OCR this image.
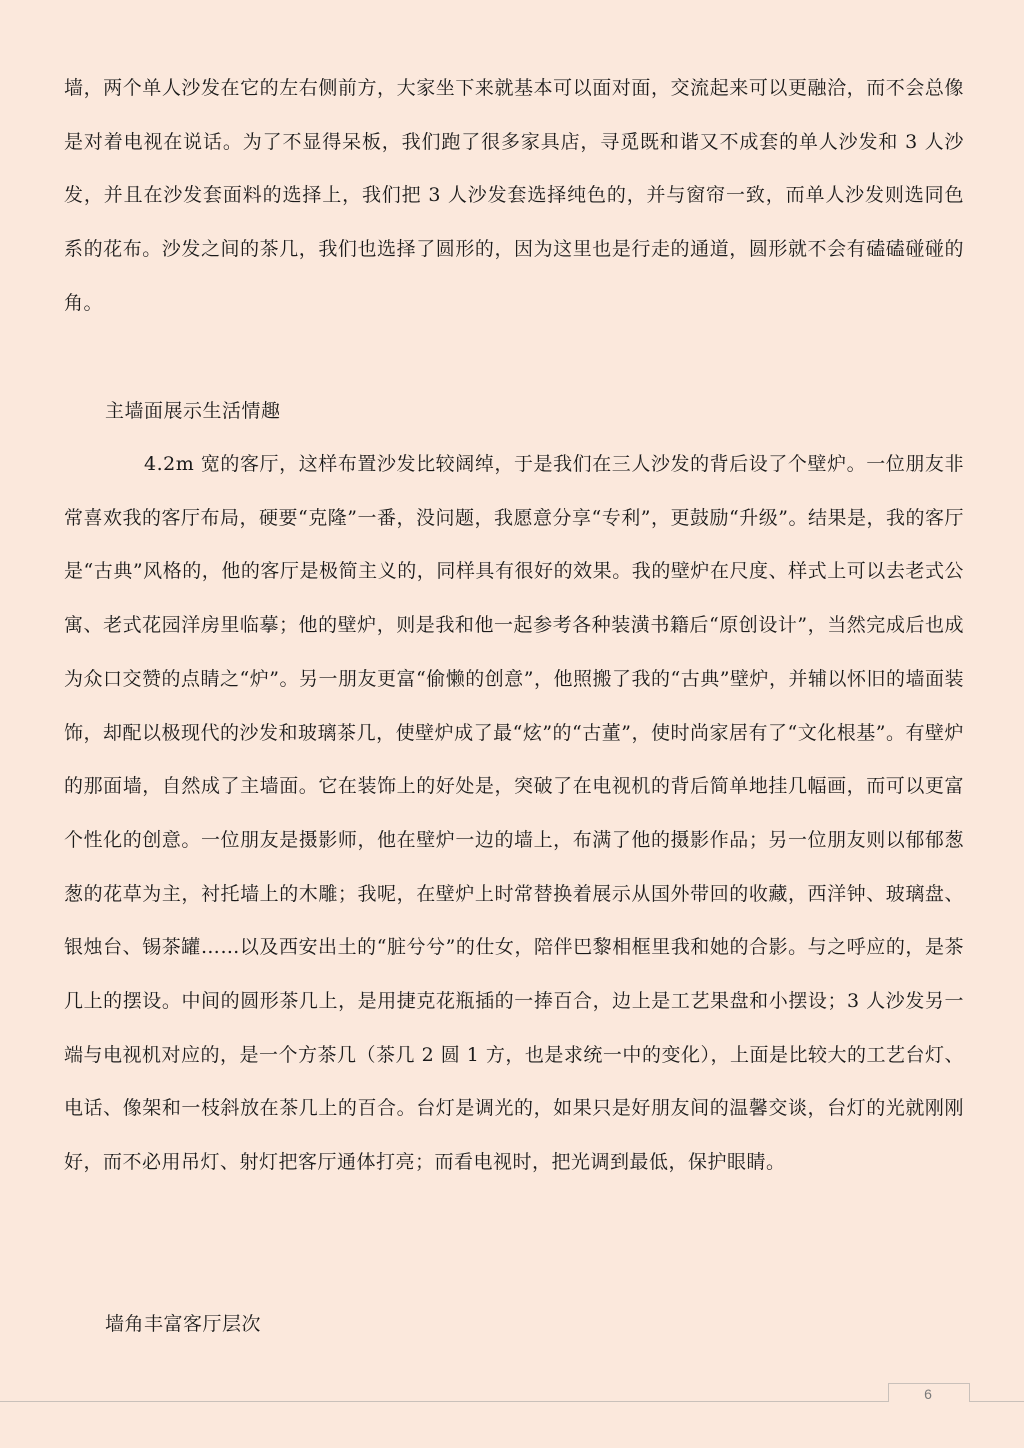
墙，两个单人沙发在它的左右侧前方，大家坐下来就基本可以面对面，交流起来可以更融洽，而不会总像是对着电视在说话。为了不显得呆板，我们跑了很多家具店，寻觅既和谐又不成套的单人沙发和 3 人沙发，并且在沙发套面料的选择上，我们把 3 人沙发套选择纯色的，并与窗帘一致，而单人沙发则选同色系的花布。沙发之间的茶几，我们也选择了圆形的，因为这里也是行走的通道，圆形就不会有磕磕碰碰的角。

主墙面展示生活情趣

4.2m 宽的客厅，这样布置沙发比较阔绰，于是我们在三人沙发的背后设了个壁炉。一位朋友非常喜欢我的客厅布局，硬要“克隆”一番，没问题，我愿意分享“专利”，更鼓励“升级”。结果是，我的客厅是“古典”风格的，他的客厅是极简主义的，同样具有很好的效果。我的壁炉在尺度、样式上可以去老式公寓、老式花园洋房里临摹；他的壁炉，则是我和他一起参考各种装潢书籍后“原创设计”，当然完成后也成为众口交赞的点睛之“炉”。另一朋友更富“偷懒的创意”，他照搬了我的“古典”壁炉，并辅以怀旧的墙面装饰，却配以极现代的沙发和玻璃茶几，使壁炉成了最“炫”的“古董”，使时尚家居有了“文化根基”。有壁炉的那面墙，自然成了主墙面。它在装饰上的好处是，突破了在电视机的背后简单地挂几幅画，而可以更富个性化的创意。一位朋友是摄影师，他在壁炉一边的墙上，布满了他的摄影作品；另一位朋友则以郁郁葱葱的花草为主，衬托墙上的木雕；我呢，在壁炉上时常替换着展示从国外带回的收藏，西洋钟、玻璃盘、银烛台、锡茶罐……以及西安出土的“脏兮兮”的仕女，陪伴巴黎相框里我和她的合影。与之呼应的，是茶几上的摆设。中间的圆形茶几上，是用捷克花瓶插的一捧百合，边上是工艺果盘和小摆设；3 人沙发另一端与电视机对应的，是一个方茶几（茶几 2 圆 1 方，也是求统一中的变化），上面是比较大的工艺台灯、电话、像架和一枝斜放在茶几上的百合。台灯是调光的，如果只是好朋友间的温馨交谈，台灯的光就刚刚好，而不必用吊灯、射灯把客厅通体打亮；而看电视时，把光调到最低，保护眼睛。

墙角丰富客厅层次
6
